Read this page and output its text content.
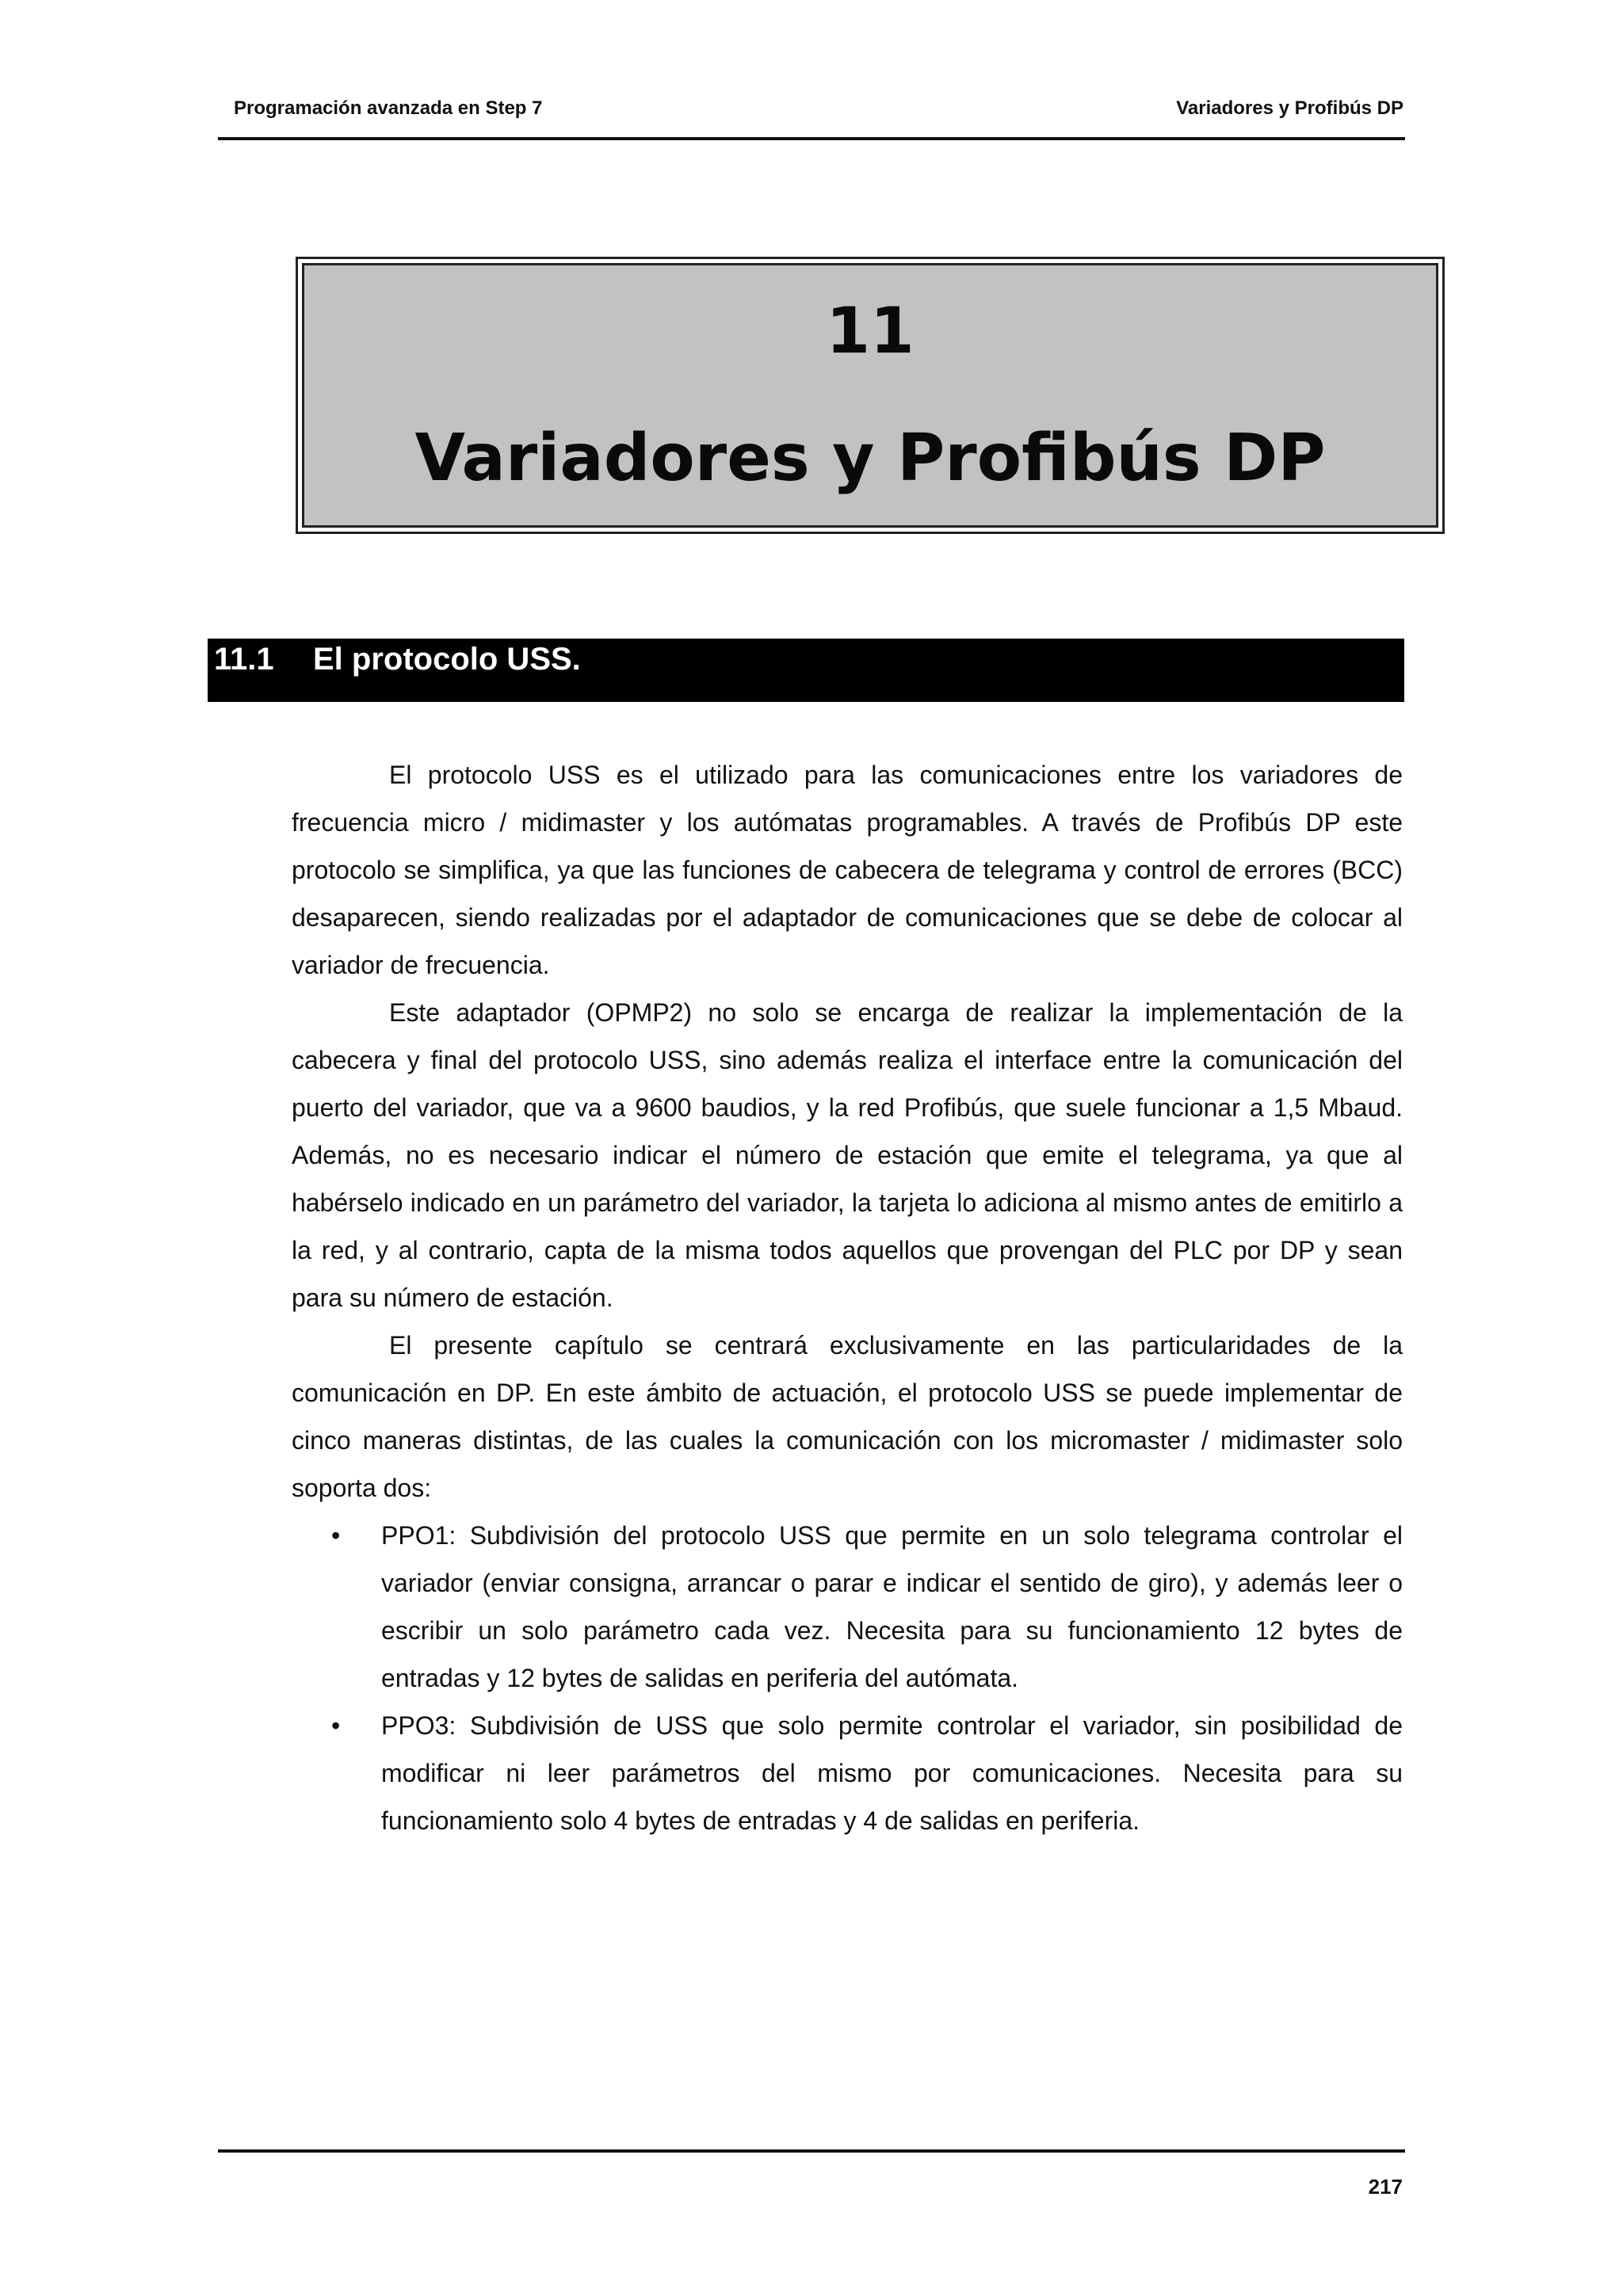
Programación avanzada en Step 7	Variadores y Profibús DP
11
Variadores y Profibús DP
11.1 El protocolo USS.

El protocolo USS es el utilizado para las comunicaciones entre los variadores de frecuencia micro / midimaster y los autómatas programables. A través de Profibús DP este protocolo se simplifica, ya que las funciones de cabecera de telegrama y control de errores (BCC) desaparecen, siendo realizadas por el adaptador de comunicaciones que se debe de colocar al variador de frecuencia.

Este adaptador (OPMP2) no solo se encarga de realizar la implementación de la cabecera y final del protocolo USS, sino además realiza el interface entre la comunicación del puerto del variador, que va a 9600 baudios, y la red Profibús, que suele funcionar a 1,5 Mbaud. Además, no es necesario indicar el número de estación que emite el telegrama, ya que al habérselo indicado en un parámetro del variador, la tarjeta lo adiciona al mismo antes de emitirlo a la red, y al contrario, capta de la misma todos aquellos que provengan del PLC por DP y sean para su número de estación.

El presente capítulo se centrará exclusivamente en las particularidades de la comunicación en DP. En este ámbito de actuación, el protocolo USS se puede implementar de cinco maneras distintas, de las cuales la comunicación con los micromaster / midimaster solo soporta dos:

• PPO1: Subdivisión del protocolo USS que permite en un solo telegrama controlar el variador (enviar consigna, arrancar o parar e indicar el sentido de giro), y además leer o escribir un solo parámetro cada vez. Necesita para su funcionamiento 12 bytes de entradas y 12 bytes de salidas en periferia del autómata.
• PPO3: Subdivisión de USS que solo permite controlar el variador, sin posibilidad de modificar ni leer parámetros del mismo por comunicaciones. Necesita para su funcionamiento solo 4 bytes de entradas y 4 de salidas en periferia.
217
